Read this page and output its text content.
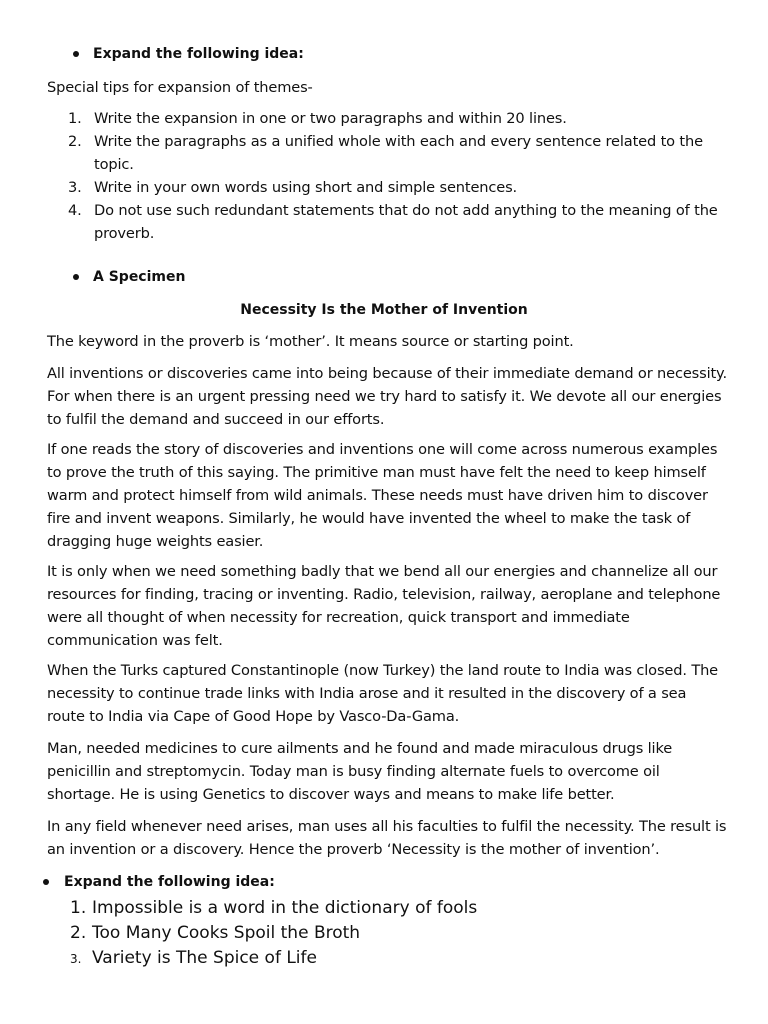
Expand the following idea:

Special tips for expansion of themes-

1. Write the expansion in one or two paragraphs and within 20 lines.
2. Write the paragraphs as a unified whole with each and every sentence related to the topic.
3. Write in your own words using short and simple sentences.
4. Do not use such redundant statements that do not add anything to the meaning of the proverb.

A Specimen

Necessity Is the Mother of Invention

The keyword in the proverb is ‘mother’. It means source or starting point.

All inventions or discoveries came into being because of their immediate demand or necessity. For when there is an urgent pressing need we try hard to satisfy it. We devote all our energies to fulfil the demand and succeed in our efforts.

If one reads the story of discoveries and inventions one will come across numerous examples to prove the truth of this saying. The primitive man must have felt the need to keep himself warm and protect himself from wild animals. These needs must have driven him to discover fire and invent weapons. Similarly, he would have invented the wheel to make the task of dragging huge weights easier.

It is only when we need something badly that we bend all our energies and channelize all our resources for finding, tracing or inventing. Radio, television, railway, aeroplane and telephone were all thought of when necessity for recreation, quick transport and immediate communication was felt.

When the Turks captured Constantinople (now Turkey) the land route to India was closed. The necessity to continue trade links with India arose and it resulted in the discovery of a sea route to India via Cape of Good Hope by Vasco-Da-Gama.

Man, needed medicines to cure ailments and he found and made miraculous drugs like penicillin and streptomycin. Today man is busy finding alternate fuels to overcome oil shortage. He is using Genetics to discover ways and means to make life better.

In any field whenever need arises, man uses all his faculties to fulfil the necessity. The result is an invention or a discovery. Hence the proverb ‘Necessity is the mother of invention’.

Expand the following idea:

1. Impossible is a word in the dictionary of fools
2. Too Many Cooks Spoil the Broth
3. Variety is The Spice of Life
